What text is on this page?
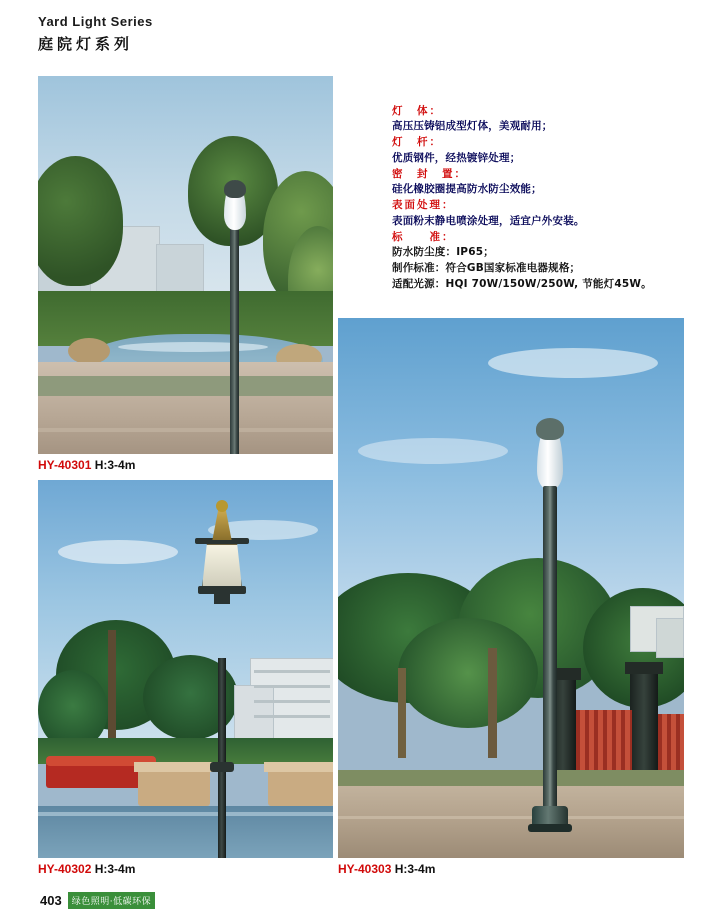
Yard Light Series
庭院灯系列
灯　体：
高压压铸铝成型灯体，美观耐用；
灯　杆：
优质钢件，经热镀锌处理；
密　封　置：
硅化橡胶圈提高防水防尘效能；
表面处理：
表面粉末静电喷涂处理，适宜户外安装。
标　　准：
防水防尘度：IP65；
制作标准：符合GB国家标准电器规格；
适配光源：HQI 70W/150W/250W, 节能灯45W。
HY-40301 H:3-4m
HY-40302 H:3-4m	HY-40303 H:3-4m
403	绿色照明·低碳环保
